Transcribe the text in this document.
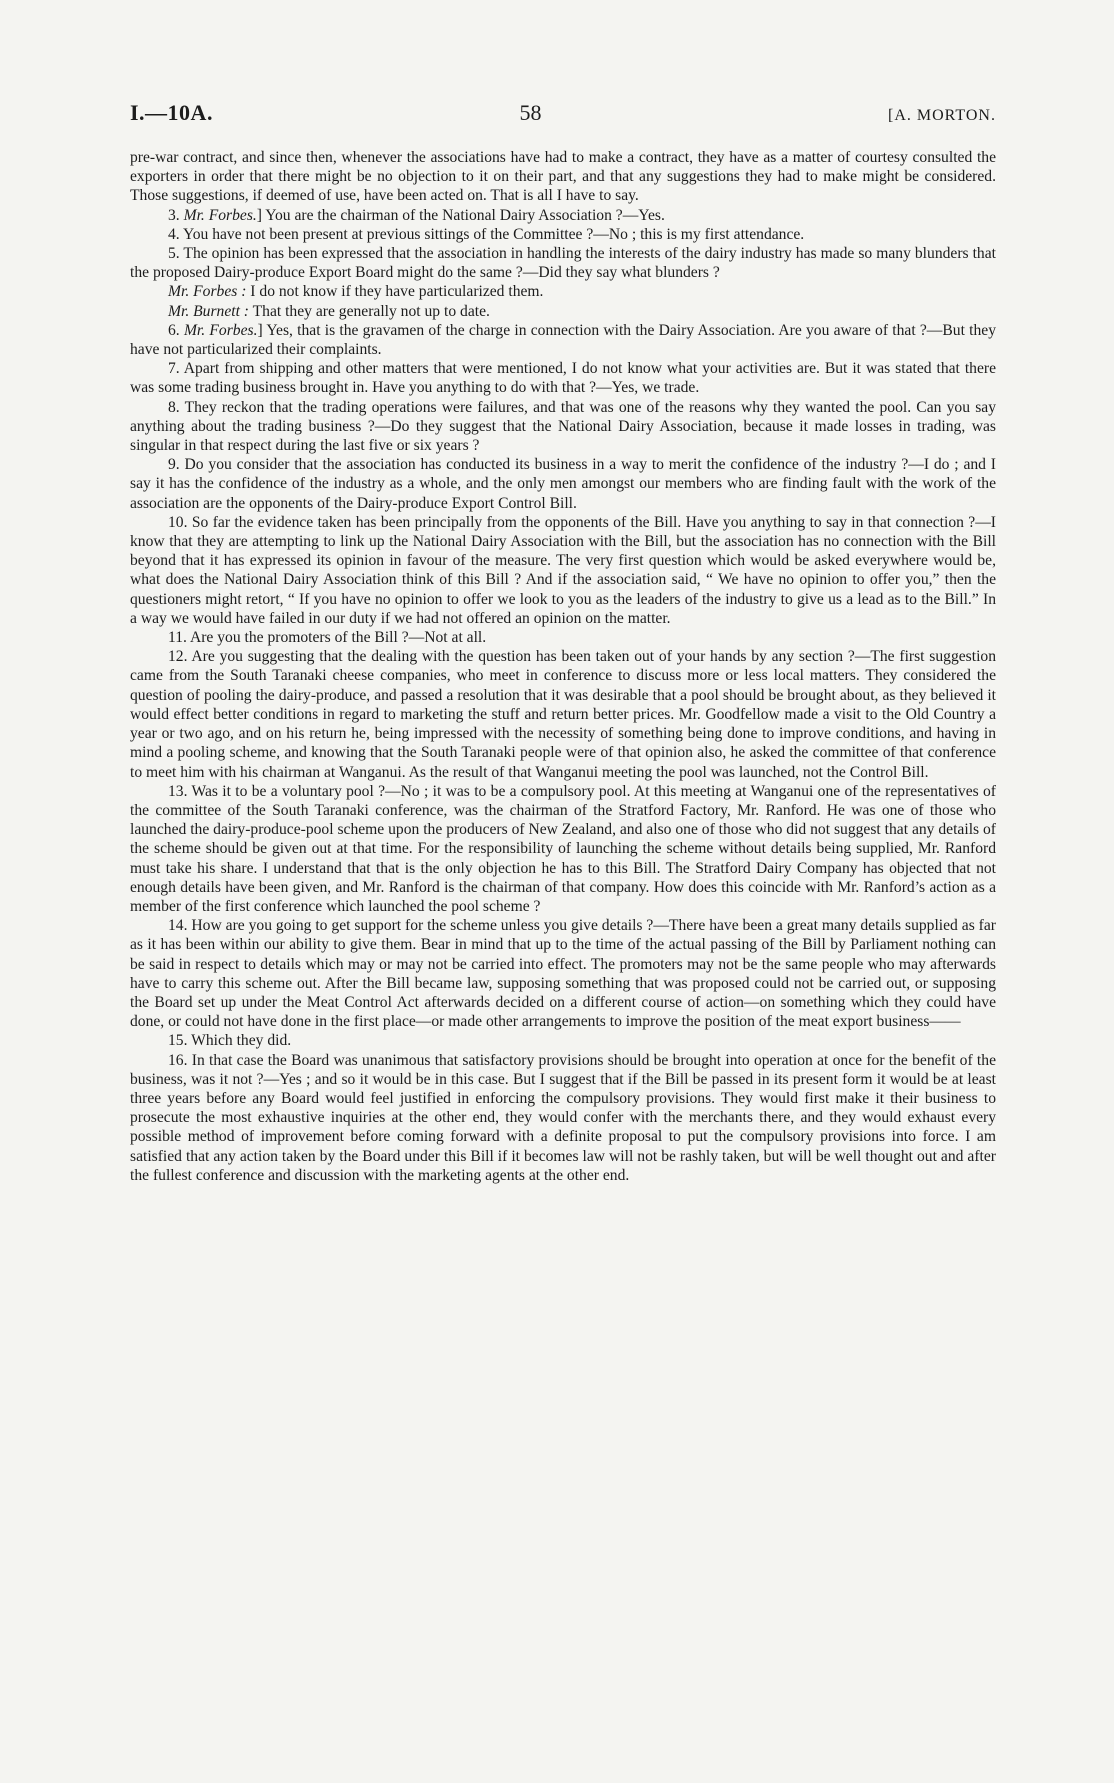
I.—10A.	58	[A. MORTON.

pre-war contract, and since then, whenever the associations have had to make a contract, they have as a matter of courtesy consulted the exporters in order that there might be no objection to it on their part, and that any suggestions they had to make might be considered. Those suggestions, if deemed of use, have been acted on. That is all I have to say.

3. Mr. Forbes.] You are the chairman of the National Dairy Association ?—Yes.

4. You have not been present at previous sittings of the Committee ?—No ; this is my first attendance.

5. The opinion has been expressed that the association in handling the interests of the dairy industry has made so many blunders that the proposed Dairy-produce Export Board might do the same ?—Did they say what blunders ?

Mr. Forbes : I do not know if they have particularized them.

Mr. Burnett : That they are generally not up to date.

6. Mr. Forbes.] Yes, that is the gravamen of the charge in connection with the Dairy Association. Are you aware of that ?—But they have not particularized their complaints.

7. Apart from shipping and other matters that were mentioned, I do not know what your activities are. But it was stated that there was some trading business brought in. Have you anything to do with that ?—Yes, we trade.

8. They reckon that the trading operations were failures, and that was one of the reasons why they wanted the pool. Can you say anything about the trading business ?—Do they suggest that the National Dairy Association, because it made losses in trading, was singular in that respect during the last five or six years ?

9. Do you consider that the association has conducted its business in a way to merit the confidence of the industry ?—I do ; and I say it has the confidence of the industry as a whole, and the only men amongst our members who are finding fault with the work of the association are the opponents of the Dairy-produce Export Control Bill.

10. So far the evidence taken has been principally from the opponents of the Bill. Have you anything to say in that connection ?—I know that they are attempting to link up the National Dairy Association with the Bill, but the association has no connection with the Bill beyond that it has expressed its opinion in favour of the measure. The very first question which would be asked everywhere would be, what does the National Dairy Association think of this Bill ? And if the association said, “ We have no opinion to offer you,” then the questioners might retort, “ If you have no opinion to offer we look to you as the leaders of the industry to give us a lead as to the Bill.” In a way we would have failed in our duty if we had not offered an opinion on the matter.

11. Are you the promoters of the Bill ?—Not at all.

12. Are you suggesting that the dealing with the question has been taken out of your hands by any section ?—The first suggestion came from the South Taranaki cheese companies, who meet in conference to discuss more or less local matters. They considered the question of pooling the dairy-produce, and passed a resolution that it was desirable that a pool should be brought about, as they believed it would effect better conditions in regard to marketing the stuff and return better prices. Mr. Goodfellow made a visit to the Old Country a year or two ago, and on his return he, being impressed with the necessity of something being done to improve conditions, and having in mind a pooling scheme, and knowing that the South Taranaki people were of that opinion also, he asked the committee of that conference to meet him with his chairman at Wanganui. As the result of that Wanganui meeting the pool was launched, not the Control Bill.

13. Was it to be a voluntary pool ?—No ; it was to be a compulsory pool. At this meeting at Wanganui one of the representatives of the committee of the South Taranaki conference, was the chairman of the Stratford Factory, Mr. Ranford. He was one of those who launched the dairy-produce-pool scheme upon the producers of New Zealand, and also one of those who did not suggest that any details of the scheme should be given out at that time. For the responsibility of launching the scheme without details being supplied, Mr. Ranford must take his share. I understand that that is the only objection he has to this Bill. The Stratford Dairy Company has objected that not enough details have been given, and Mr. Ranford is the chairman of that company. How does this coincide with Mr. Ranford’s action as a member of the first conference which launched the pool scheme ?

14. How are you going to get support for the scheme unless you give details ?—There have been a great many details supplied as far as it has been within our ability to give them. Bear in mind that up to the time of the actual passing of the Bill by Parliament nothing can be said in respect to details which may or may not be carried into effect. The promoters may not be the same people who may afterwards have to carry this scheme out. After the Bill became law, supposing something that was proposed could not be carried out, or supposing the Board set up under the Meat Control Act afterwards decided on a different course of action—on something which they could have done, or could not have done in the first place—or made other arrangements to improve the position of the meat export business——

15. Which they did.

16. In that case the Board was unanimous that satisfactory provisions should be brought into operation at once for the benefit of the business, was it not ?—Yes ; and so it would be in this case. But I suggest that if the Bill be passed in its present form it would be at least three years before any Board would feel justified in enforcing the compulsory provisions. They would first make it their business to prosecute the most exhaustive inquiries at the other end, they would confer with the merchants there, and they would exhaust every possible method of improvement before coming forward with a definite proposal to put the compulsory provisions into force. I am satisfied that any action taken by the Board under this Bill if it becomes law will not be rashly taken, but will be well thought out and after the fullest conference and discussion with the marketing agents at the other end.
